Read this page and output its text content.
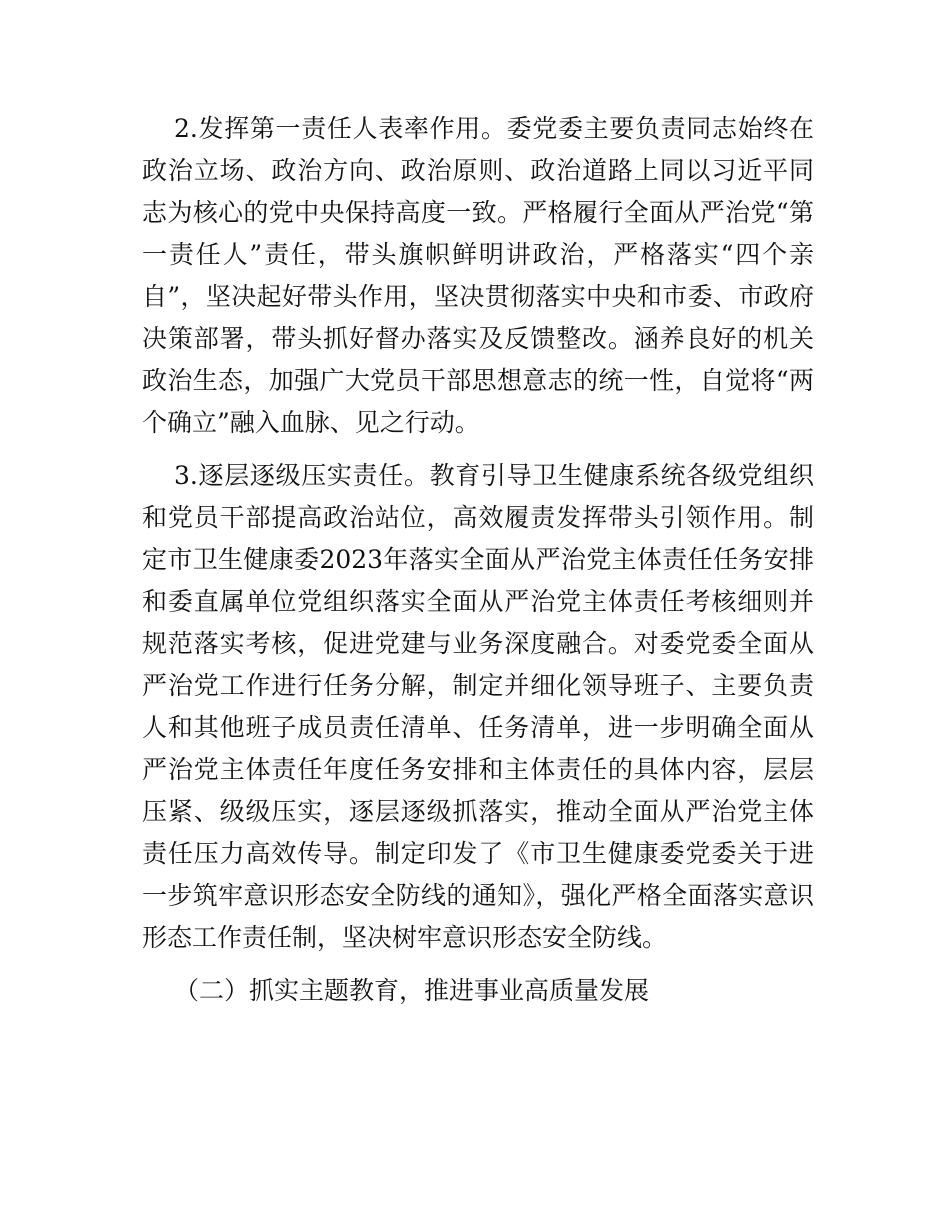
2.发挥第一责任人表率作用。委党委主要负责同志始终在政治立场、政治方向、政治原则、政治道路上同以习近平同志为核心的党中央保持高度一致。严格履行全面从严治党“第一责任人”责任，带头旗帜鲜明讲政治，严格落实“四个亲自”，坚决起好带头作用，坚决贯彻落实中央和市委、市政府决策部署，带头抓好督办落实及反馈整改。涵养良好的机关政治生态，加强广大党员干部思想意志的统一性，自觉将“两个确立”融入血脉、见之行动。

3.逐层逐级压实责任。教育引导卫生健康系统各级党组织和党员干部提高政治站位，高效履责发挥带头引领作用。制定市卫生健康委2023年落实全面从严治党主体责任任务安排和委直属单位党组织落实全面从严治党主体责任考核细则并规范落实考核，促进党建与业务深度融合。对委党委全面从严治党工作进行任务分解，制定并细化领导班子、主要负责人和其他班子成员责任清单、任务清单，进一步明确全面从严治党主体责任年度任务安排和主体责任的具体内容，层层压紧、级级压实，逐层逐级抓落实，推动全面从严治党主体责任压力高效传导。制定印发了《市卫生健康委党委关于进一步筑牢意识形态安全防线的通知》，强化严格全面落实意识形态工作责任制，坚决树牢意识形态安全防线。

（二）抓实主题教育，推进事业高质量发展
